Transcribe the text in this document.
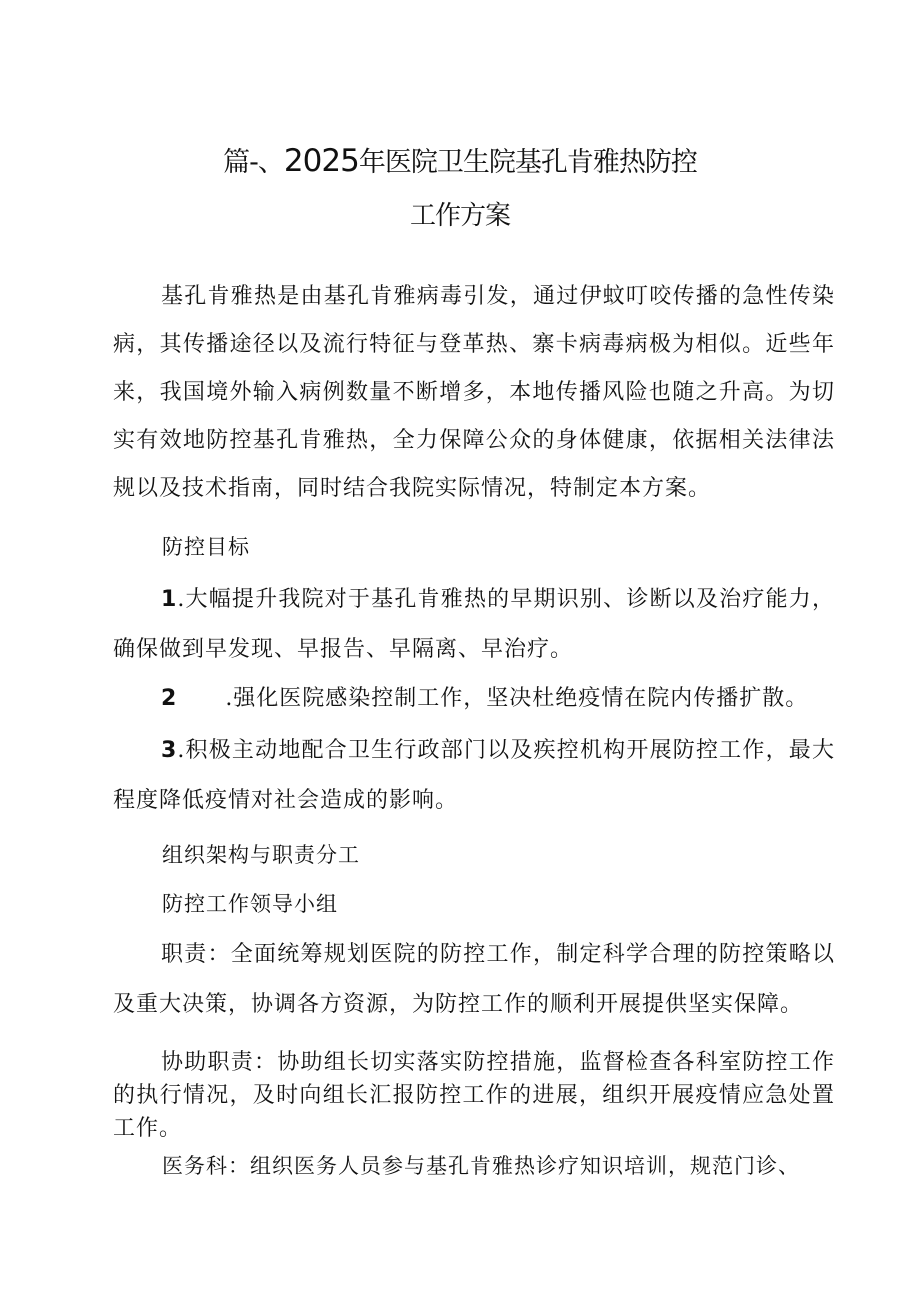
篇-、2025年医院卫生院基孔肯雅热防控
工作方案

基孔肯雅热是由基孔肯雅病毒引发，通过伊蚊叮咬传播的急性传染病，其传播途径以及流行特征与登革热、寨卡病毒病极为相似。近些年来，我国境外输入病例数量不断增多，本地传播风险也随之升高。为切实有效地防控基孔肯雅热，全力保障公众的身体健康，依据相关法律法规以及技术指南，同时结合我院实际情况，特制定本方案。

防控目标

1.大幅提升我院对于基孔肯雅热的早期识别、诊断以及治疗能力，确保做到早发现、早报告、早隔离、早治疗。

2 .强化医院感染控制工作，坚决杜绝疫情在院内传播扩散。

3.积极主动地配合卫生行政部门以及疾控机构开展防控工作，最大程度降低疫情对社会造成的影响。

组织架构与职责分工

防控工作领导小组

职责：全面统筹规划医院的防控工作，制定科学合理的防控策略以及重大决策，协调各方资源，为防控工作的顺利开展提供坚实保障。

协助职责：协助组长切实落实防控措施，监督检查各科室防控工作的执行情况，及时向组长汇报防控工作的进展，组织开展疫情应急处置工作。

医务科：组织医务人员参与基孔肯雅热诊疗知识培训，规范门诊、
